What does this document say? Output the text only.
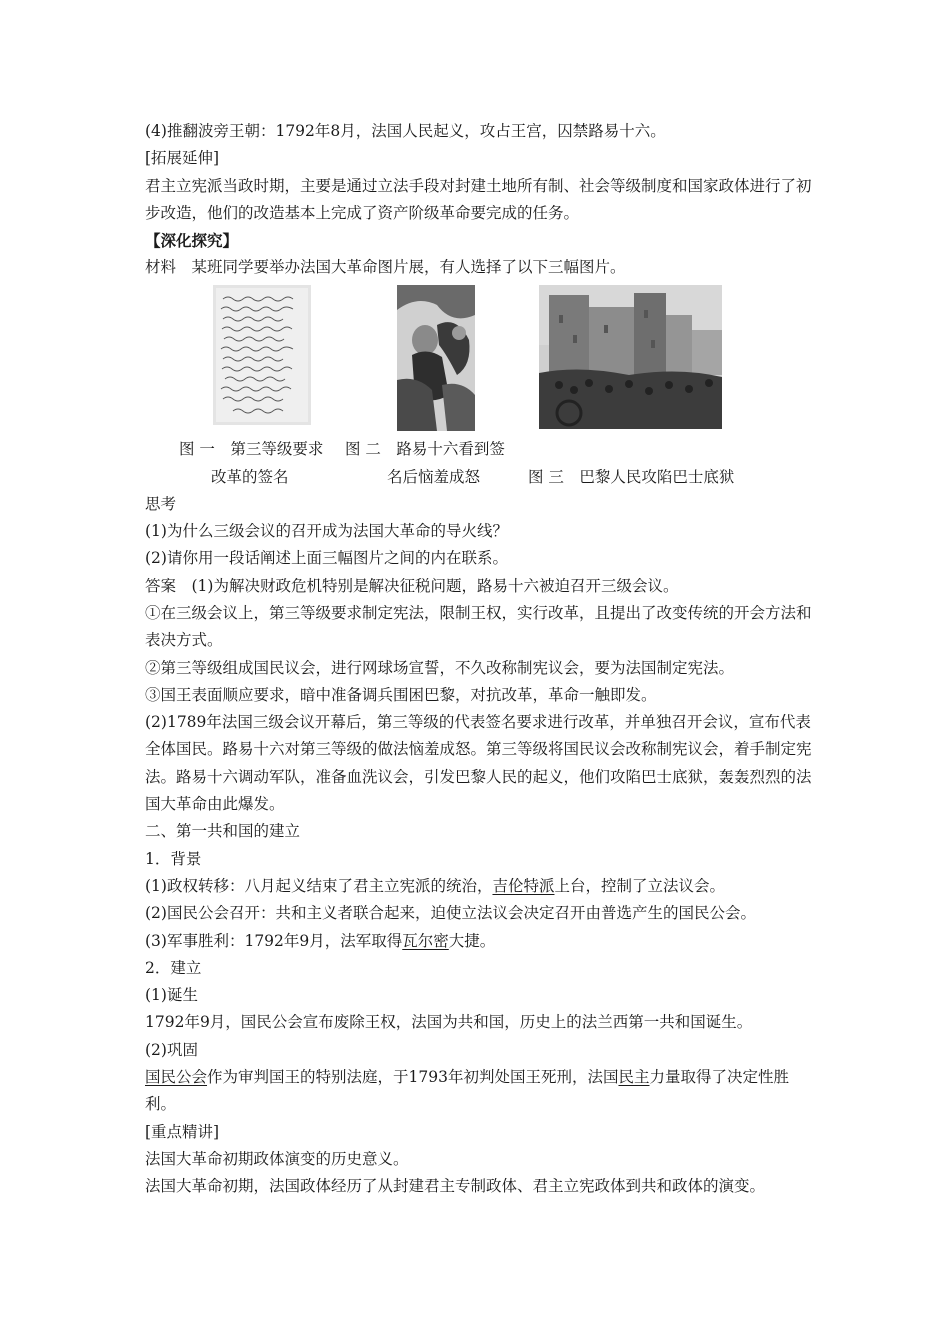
(4)推翻波旁王朝：1792年8月，法国人民起义，攻占王宫，囚禁路易十六。

[拓展延伸]

君主立宪派当政时期，主要是通过立法手段对封建土地所有制、社会等级制度和国家政体进行了初步改造，他们的改造基本上完成了资产阶级革命要完成的任务。

【深化探究】

材料　某班同学要举办法国大革命图片展，有人选择了以下三幅图片。

图 一　第三等级要求
改革的签名
图 二　路易十六看到签
名后恼羞成怒	图 三　巴黎人民攻陷巴士底狱

思考

(1)为什么三级会议的召开成为法国大革命的导火线？

(2)请你用一段话阐述上面三幅图片之间的内在联系。

答案　(1)为解决财政危机特别是解决征税问题，路易十六被迫召开三级会议。

①在三级会议上，第三等级要求制定宪法，限制王权，实行改革，且提出了改变传统的开会方法和表决方式。

②第三等级组成国民议会，进行网球场宣誓，不久改称制宪议会，要为法国制定宪法。

③国王表面顺应要求，暗中准备调兵围困巴黎，对抗改革，革命一触即发。

(2)1789年法国三级会议开幕后，第三等级的代表签名要求进行改革，并单独召开会议，宣布代表全体国民。路易十六对第三等级的做法恼羞成怒。第三等级将国民议会改称制宪议会，着手制定宪法。路易十六调动军队，准备血洗议会，引发巴黎人民的起义，他们攻陷巴士底狱，轰轰烈烈的法国大革命由此爆发。

二、第一共和国的建立

1．背景

(1)政权转移：八月起义结束了君主立宪派的统治，吉伦特派上台，控制了立法议会。

(2)国民公会召开：共和主义者联合起来，迫使立法议会决定召开由普选产生的国民公会。

(3)军事胜利：1792年9月，法军取得瓦尔密大捷。

2．建立

(1)诞生

1792年9月，国民公会宣布废除王权，法国为共和国，历史上的法兰西第一共和国诞生。

(2)巩固

国民公会作为审判国王的特别法庭，于1793年初判处国王死刑，法国民主力量取得了决定性胜利。

[重点精讲]

法国大革命初期政体演变的历史意义。

法国大革命初期，法国政体经历了从封建君主专制政体、君主立宪政体到共和政体的演变。
